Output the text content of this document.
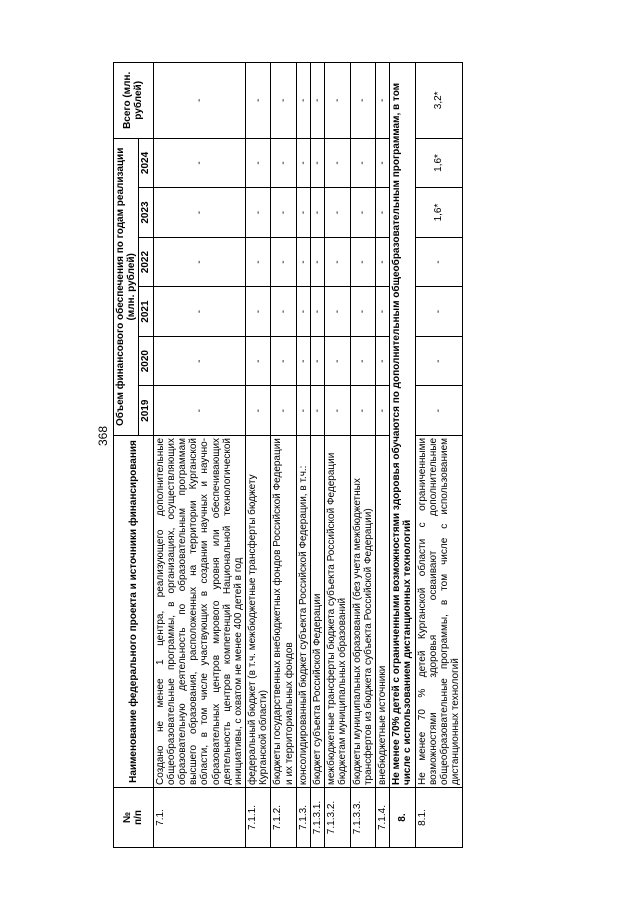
368
№
п/п	Наименование федерального проекта и источники финансирования	Объем финансового обеспечения по годам реализации (млн. рублей)						Всего (млн. рублей)
		2019	2020	2021	2022	2023	2024	
7.1.	Создано не менее 1 центра, реализующего дополнительные общеобразовательные программы, в организациях, осуществляющих образовательную деятельность по образовательным программам высшего образования, расположенных на территории Курганской области, в том числе участвующих в создании научных и научно-образовательных центров мирового уровня или обеспечивающих деятельность центров компетенций Национальной технологической инициативы, с охватом не менее 400 детей в год	-	-	-	-	-	-	-
7.1.1.	федеральный бюджет (в т.ч. межбюджетные трансферты бюджету Курганской области)	-	-	-	-	-	-	-
7.1.2.	бюджеты государственных внебюджетных фондов Российской Федерации и их территориальных фондов	-	-	-	-	-	-	-
7.1.3.	консолидированный бюджет субъекта Российской Федерации, в т.ч.:	-	-	-	-	-	-	-
7.1.3.1.	бюджет субъекта Российской Федерации	-	-	-	-	-	-	-
7.1.3.2.	межбюджетные трансферты бюджета субъекта Российской Федерации бюджетам муниципальных образований	-	-	-	-	-	-	-
7.1.3.3.	бюджеты муниципальных образований (без учета межбюджетных трансфертов из бюджета субъекта Российской Федерации)	-	-	-	-	-	-	-
7.1.4.	внебюджетные источники	-	-	-	-	-	-	-
8.	Не менее 70% детей с ограниченными возможностями здоровья обучаются по дополнительным общеобразовательным программам, в том числе с использованием дистанционных технологий							
8.1.	Не менее 70 % детей Курганской области с ограниченными возможностями здоровья осваивают дополнительные общеобразовательные программы, в том числе с использованием дистанционных технологий	-	-	-	-	1,6*	1,6*	3,2*
